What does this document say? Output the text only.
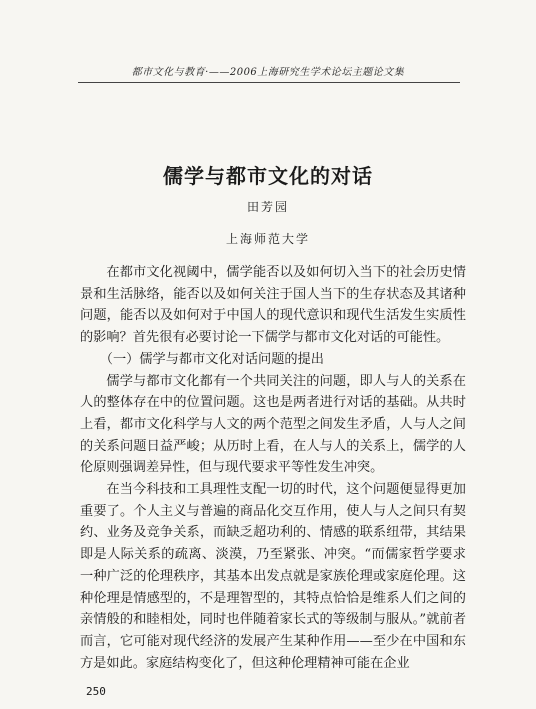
都市文化与教育·——2006上海研究生学术论坛主题论文集
儒学与都市文化的对话
田芳园
上海师范大学

在都市文化视阈中，儒学能否以及如何切入当下的社会历史情景和生活脉络，能否以及如何关注于国人当下的生存状态及其诸种问题，能否以及如何对于中国人的现代意识和现代生活发生实质性的影响？首先很有必要讨论一下儒学与都市文化对话的可能性。

（一）儒学与都市文化对话问题的提出

儒学与都市文化都有一个共同关注的问题，即人与人的关系在人的整体存在中的位置问题。这也是两者进行对话的基础。从共时上看，都市文化科学与人文的两个范型之间发生矛盾，人与人之间的关系问题日益严峻；从历时上看，在人与人的关系上，儒学的人伦原则强调差异性，但与现代要求平等性发生冲突。

在当今科技和工具理性支配一切的时代，这个问题便显得更加重要了。个人主义与普遍的商品化交互作用，使人与人之间只有契约、业务及竞争关系，而缺乏超功利的、情感的联系纽带，其结果即是人际关系的疏离、淡漠，乃至紧张、冲突。“而儒家哲学要求一种广泛的伦理秩序，其基本出发点就是家族伦理或家庭伦理。这种伦理是情感型的，不是理智型的，其特点恰恰是维系人们之间的亲情般的和睦相处，同时也伴随着家长式的等级制与服从。”就前者而言，它可能对现代经济的发展产生某种作用——至少在中国和东方是如此。家庭结构变化了，但这种伦理精神可能在企业

250
